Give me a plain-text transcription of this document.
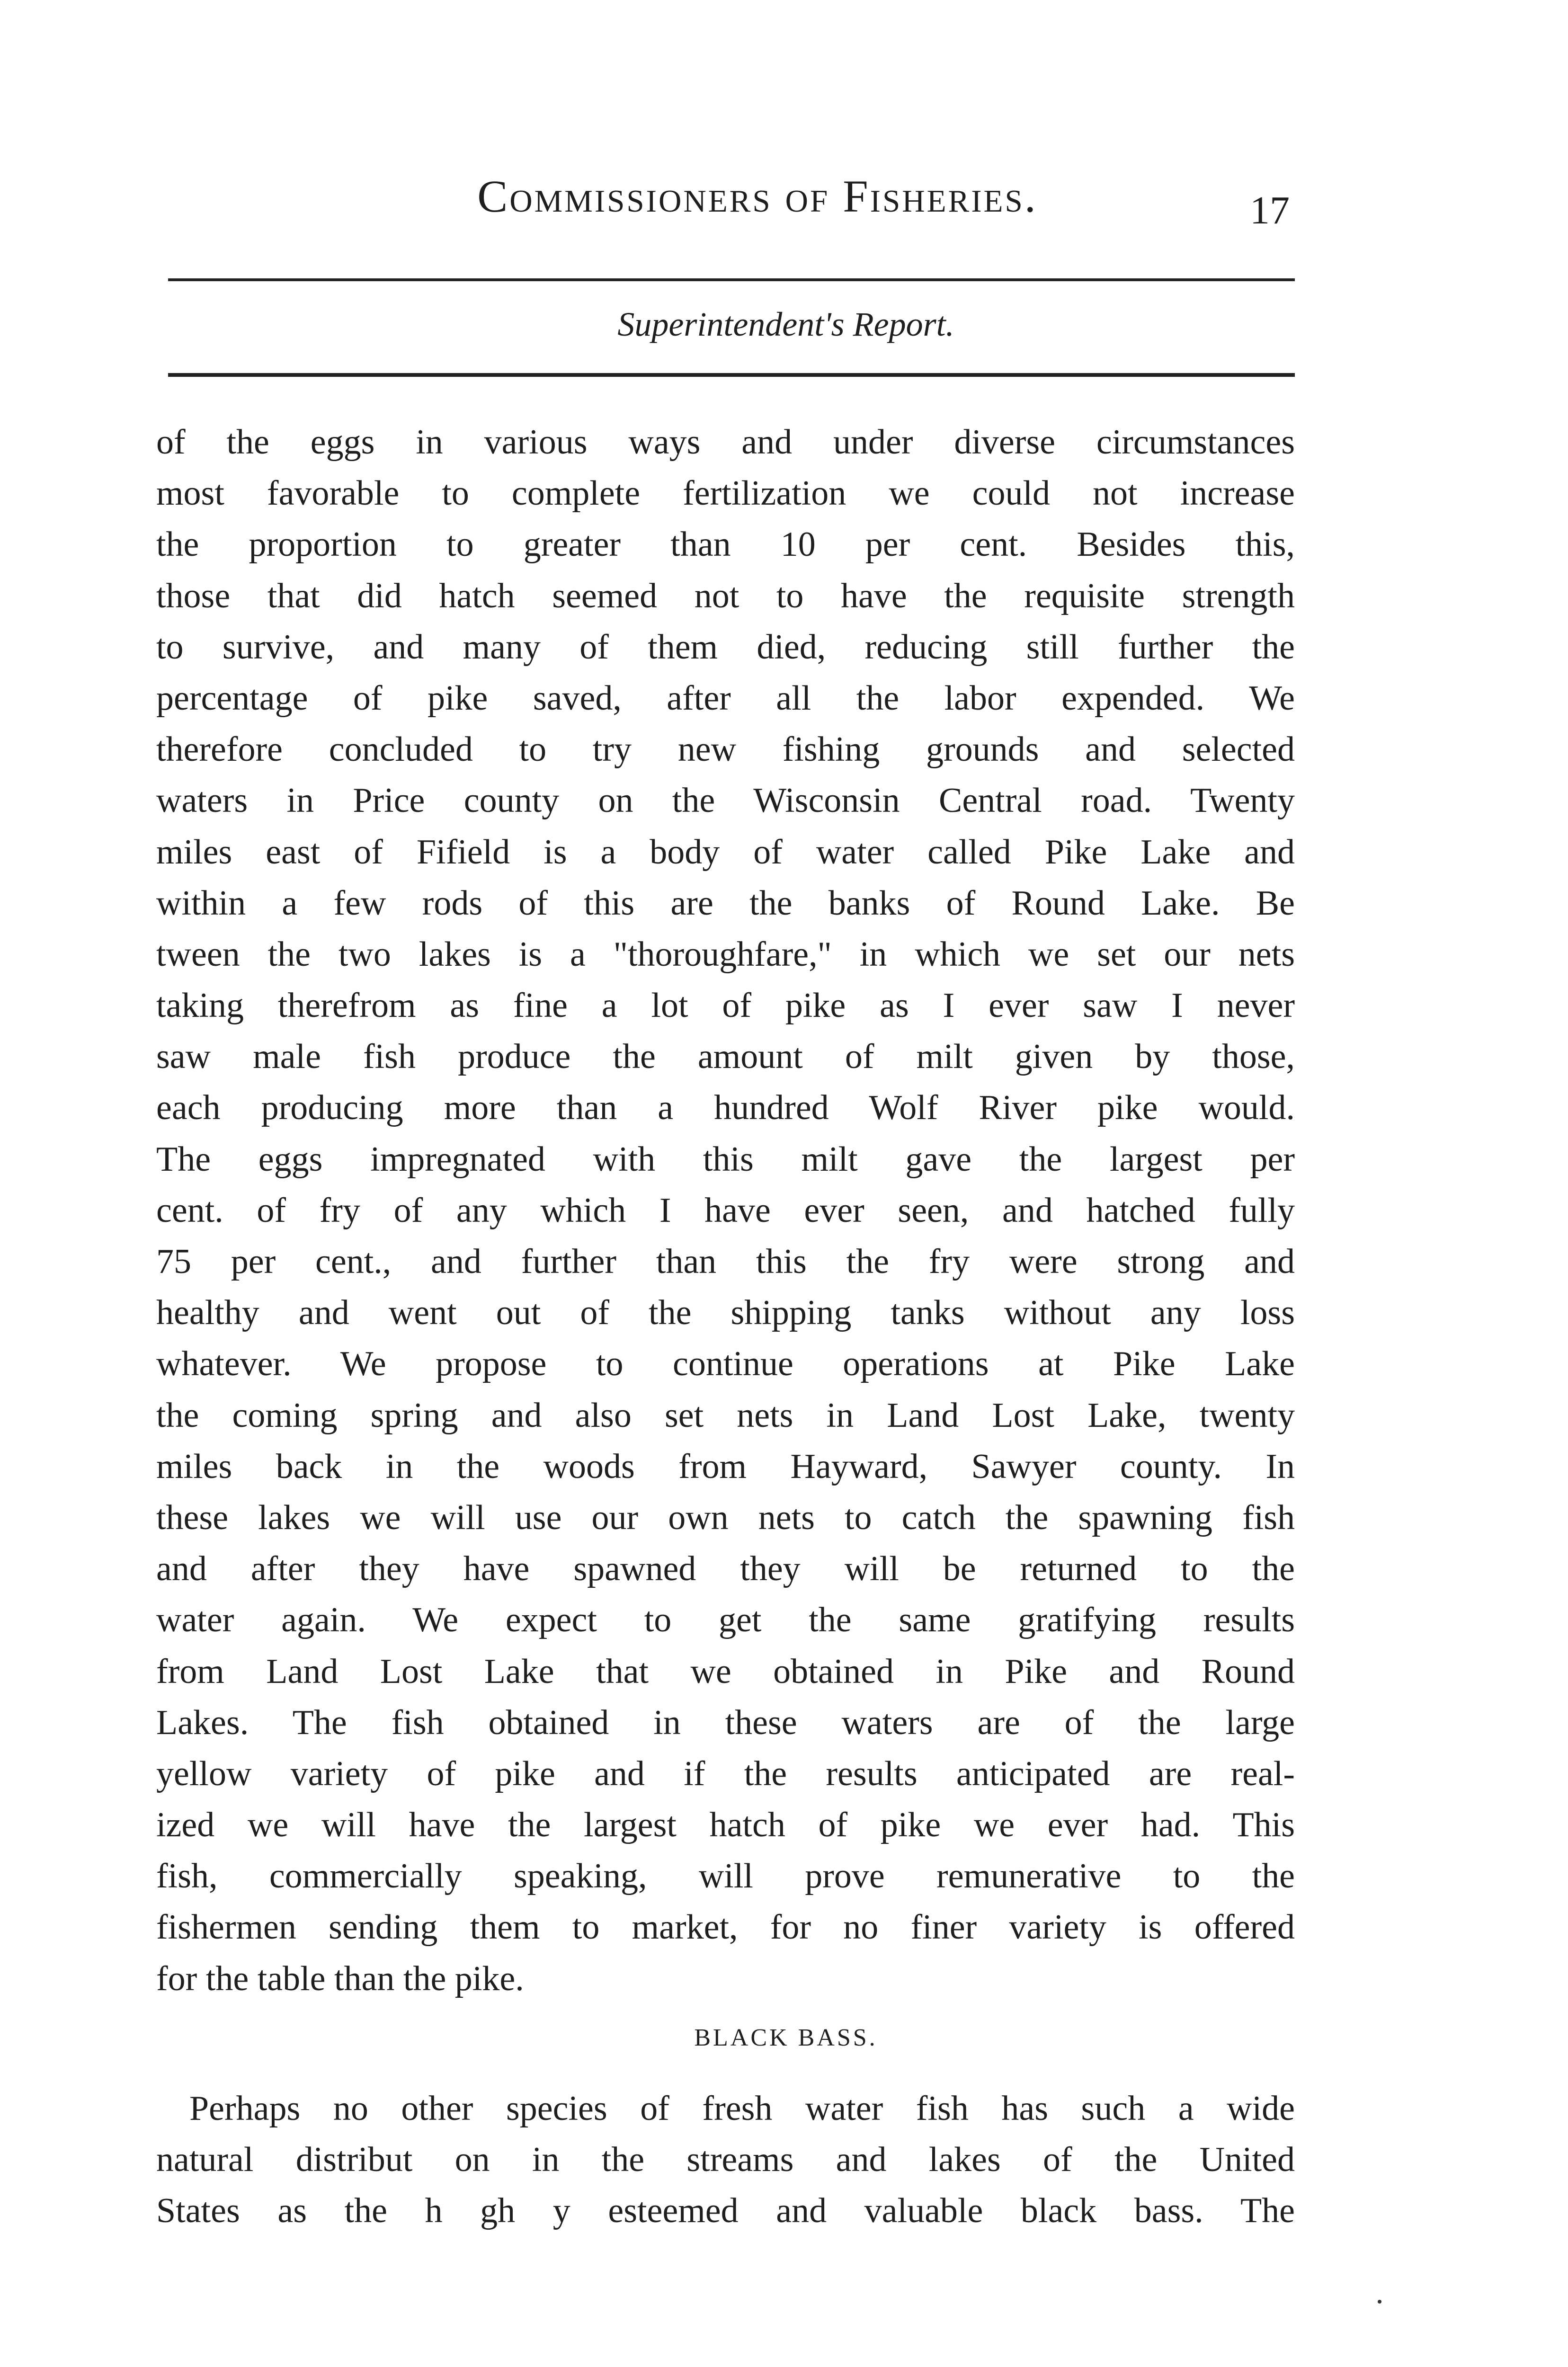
Commissioners of Fisheries.	17
Superintendent's Report.
of the eggs in various ways and under diverse circumstances
most favorable to complete fertilization we could not increase
the proportion to greater than 10 per cent. Besides this,
those that did hatch seemed not to have the requisite strength
to survive, and many of them died, reducing still further the
percentage of pike saved, after all the labor expended. We
therefore concluded to try new fishing grounds and selected
waters in Price county on the Wisconsin Central road. Twenty
miles east of Fifield is a body of water called Pike Lake and
within a few rods of this are the banks of Round Lake. Be
tween the two lakes is a "thoroughfare," in which we set our nets
taking therefrom as fine a lot of pike as I ever saw I never
saw male fish produce the amount of milt given by those,
each producing more than a hundred Wolf River pike would.
The eggs impregnated with this milt gave the largest per
cent. of fry of any which I have ever seen, and hatched fully
75 per cent., and further than this the fry were strong and
healthy and went out of the shipping tanks without any loss
whatever. We propose to continue operations at Pike Lake
the coming spring and also set nets in Land Lost Lake, twenty
miles back in the woods from Hayward, Sawyer county. In
these lakes we will use our own nets to catch the spawning fish
and after they have spawned they will be returned to the
water again. We expect to get the same gratifying results
from Land Lost Lake that we obtained in Pike and Round
Lakes. The fish obtained in these waters are of the large
yellow variety of pike and if the results anticipated are real-
ized we will have the largest hatch of pike we ever had. This
fish, commercially speaking, will prove remunerative to the
fishermen sending them to market, for no finer variety is offered
for the table than the pike.
BLACK BASS.
Perhaps no other species of fresh water fish has such a wide
natural distribut on in the streams and lakes of the United
States as the h gh y esteemed and valuable black bass. The
